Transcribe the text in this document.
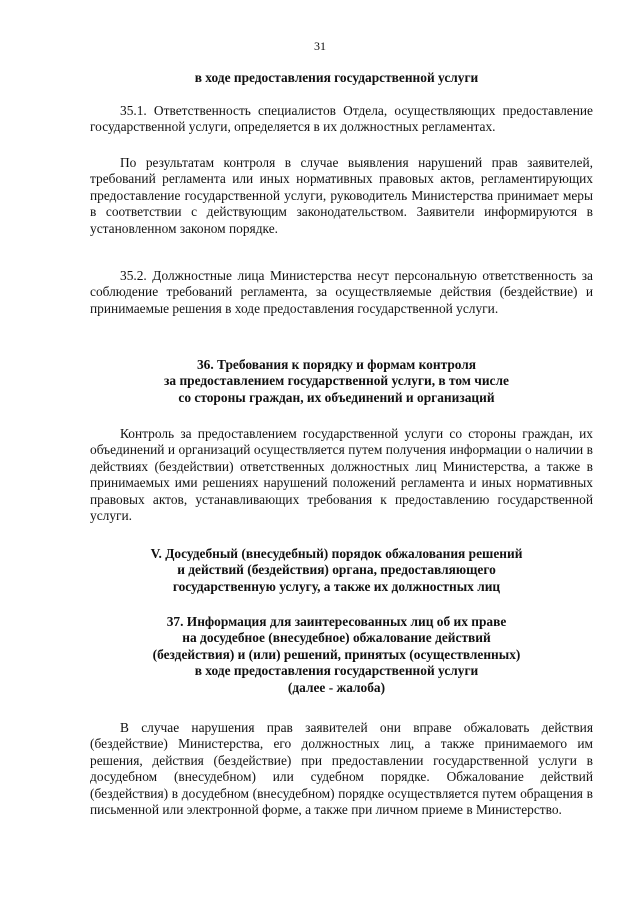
31

в ходе предоставления государственной услуги

35.1. Ответственность специалистов Отдела, осуществляющих предоставление государственной услуги, определяется в их должностных регламентах.

По результатам контроля в случае выявления нарушений прав заявителей, требований регламента или иных нормативных правовых актов, регламентирующих предоставление государственной услуги, руководитель Министерства принимает меры в соответствии с действующим законодательством. Заявители информируются в установленном законом порядке.

35.2. Должностные лица Министерства несут персональную ответственность за соблюдение требований регламента, за осуществляемые действия (бездействие) и принимаемые решения в ходе предоставления государственной услуги.

36. Требования к порядку и формам контроля
за предоставлением государственной услуги, в том числе
со стороны граждан, их объединений и организаций

Контроль за предоставлением государственной услуги со стороны граждан, их объединений и организаций осуществляется путем получения информации о наличии в действиях (бездействии) ответственных должностных лиц Министерства, а также в принимаемых ими решениях нарушений положений регламента и иных нормативных правовых актов, устанавливающих требования к предоставлению государственной услуги.

V. Досудебный (внесудебный) порядок обжалования решений
и действий (бездействия) органа, предоставляющего
государственную услугу, а также их должностных лиц

37. Информация для заинтересованных лиц об их праве
на досудебное (внесудебное) обжалование действий
(бездействия) и (или) решений, принятых (осуществленных)
в ходе предоставления государственной услуги
(далее - жалоба)

В случае нарушения прав заявителей они вправе обжаловать действия (бездействие) Министерства, его должностных лиц, а также принимаемого им решения, действия (бездействие) при предоставлении государственной услуги в досудебном (внесудебном) или судебном порядке. Обжалование действий (бездействия) в досудебном (внесудебном) порядке осуществляется путем обращения в письменной или электронной форме, а также при личном приеме в Министерство.
